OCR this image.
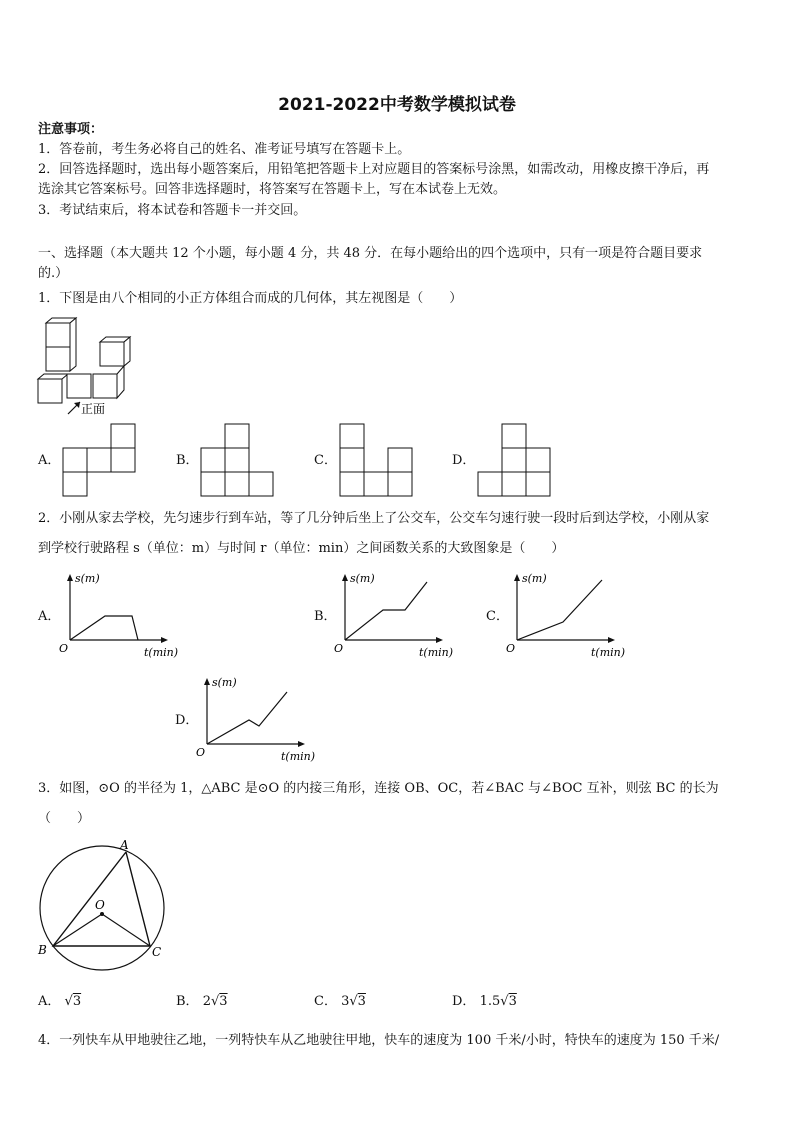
2021-2022中考数学模拟试卷
注意事项：
1．答卷前，考生务必将自己的姓名、准考证号填写在答题卡上。
2．回答选择题时，选出每小题答案后，用铅笔把答题卡上对应题目的答案标号涂黑，如需改动，用橡皮擦干净后，再
选涂其它答案标号。回答非选择题时，将答案写在答题卡上，写在本试卷上无效。
3．考试结束后，将本试卷和答题卡一并交回。
一、选择题（本大题共 12 个小题，每小题 4 分，共 48 分．在每小题给出的四个选项中，只有一项是符合题目要求
的.）
1．下图是由八个相同的小正方体组合而成的几何体，其左视图是（　　）
正面
A．	B．	C．	D．
2．小刚从家去学校，先匀速步行到车站，等了几分钟后坐上了公交车，公交车匀速行驶一段时后到达学校，小刚从家
到学校行驶路程 s（单位：m）与时间 r（单位：min）之间函数关系的大致图象是（　　）
A．
s(m)
t(min)
O
B．
s(m)
t(min)
O
C．
s(m)
t(min)
O
D．
s(m)
t(min)
O
3．如图，⊙O 的半径为 1，△ABC 是⊙O 的内接三角形，连接 OB、OC，若∠BAC 与∠BOC 互补，则弦 BC 的长为
（　　）
A
B	C
O
A． √3	B． 2√3	C． 3√3	D． 1.5√3
4．一列快车从甲地驶往乙地，一列特快车从乙地驶往甲地，快车的速度为 100 千米/小时，特快车的速度为 150 千米/
